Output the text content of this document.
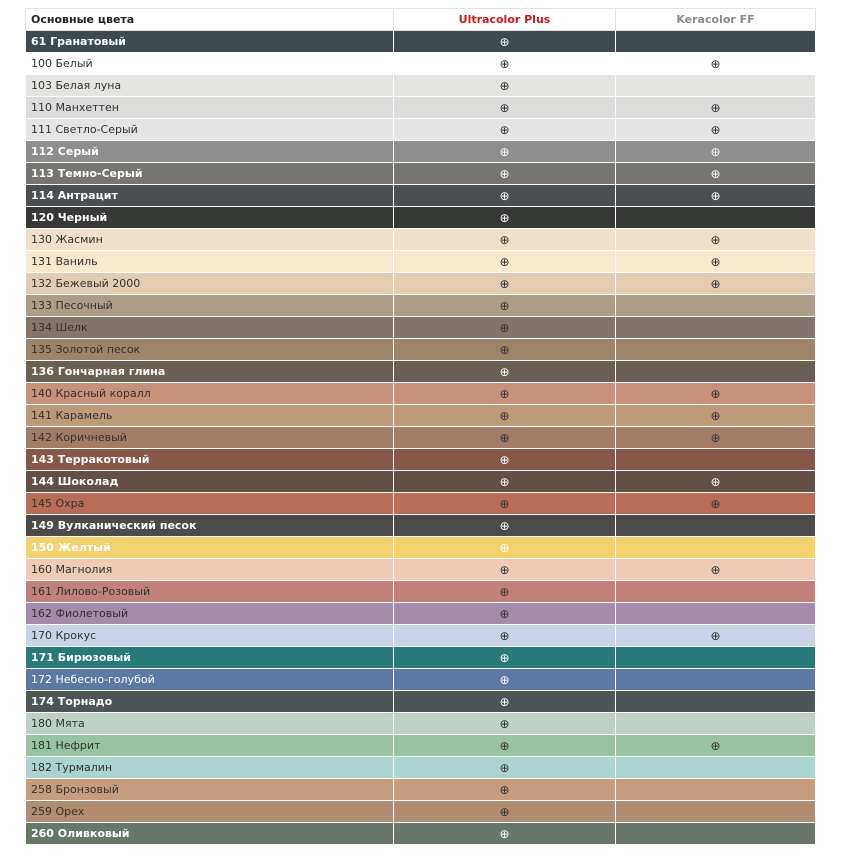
Основные цвета	Ultracolor Plus	Keracolor FF
61 Гранатовый	⊕	
100 Белый	⊕	⊕
103 Белая луна	⊕	
110 Манхеттен	⊕	⊕
111 Светло-Серый	⊕	⊕
112 Серый	⊕	⊕
113 Темно-Серый	⊕	⊕
114 Антрацит	⊕	⊕
120 Черный	⊕	
130 Жасмин	⊕	⊕
131 Ваниль	⊕	⊕
132 Бежевый 2000	⊕	⊕
133 Песочный	⊕	
134 Шелк	⊕	
135 Золотой песок	⊕	
136 Гончарная глина	⊕	
140 Красный коралл	⊕	⊕
141 Карамель	⊕	⊕
142 Коричневый	⊕	⊕
143 Терракотовый	⊕	
144 Шоколад	⊕	⊕
145 Охра	⊕	⊕
149 Вулканический песок	⊕	
150 Желтый	⊕	
160 Магнолия	⊕	⊕
161 Лилово-Розовый	⊕	
162 Фиолетовый	⊕	
170 Крокус	⊕	⊕
171 Бирюзовый	⊕	
172 Небесно-голубой	⊕	
174 Торнадо	⊕	
180 Мята	⊕	
181 Нефрит	⊕	⊕
182 Турмалин	⊕	
258 Бронзовый	⊕	
259 Орех	⊕	
260 Оливковый	⊕	
